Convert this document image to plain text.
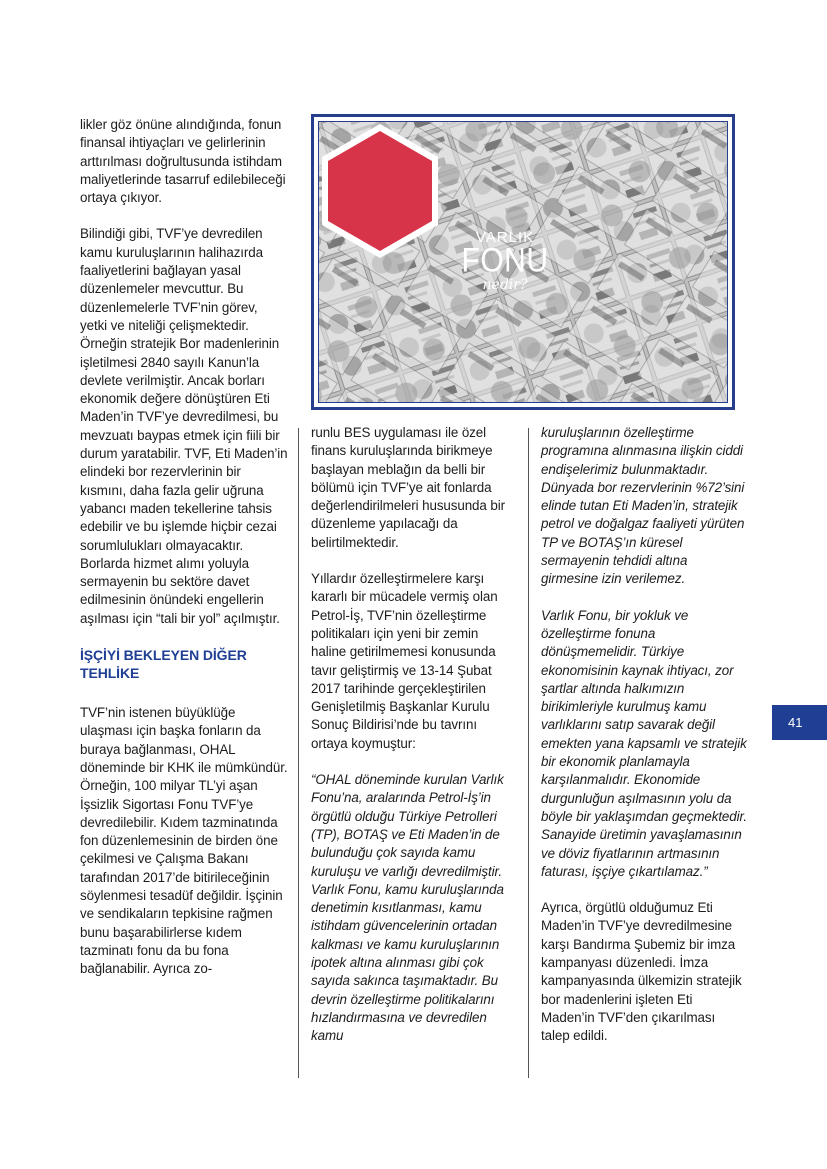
likler göz önüne alındığında, fonun finansal ihtiyaçları ve gelirlerinin arttırılması doğrultusunda istihdam maliyetlerinde tasarruf edilebileceği ortaya çıkıyor.

Bilindiği gibi, TVF’ye devredilen kamu kuruluşlarının halihazırda faaliyetlerini bağlayan yasal düzenlemeler mevcuttur. Bu düzenlemelerle TVF’nin görev, yetki ve niteliği çelişmektedir. Örneğin stratejik Bor madenlerinin işletilmesi 2840 sayılı Kanun’la devlete verilmiştir. Ancak borları ekonomik değere dönüştüren Eti Maden’in TVF’ye devredilmesi, bu mevzuatı baypas etmek için fiili bir durum yaratabilir. TVF, Eti Maden’in elindeki bor rezervlerinin bir kısmını, daha fazla gelir uğruna yabancı maden tekellerine tahsis edebilir ve bu işlemde hiçbir cezai sorumlulukları olmayacaktır. Borlarda hizmet alımı yoluyla sermayenin bu sektöre davet edilmesinin önündeki engellerin aşılması için “tali bir yol” açılmıştır.

İŞÇİYİ BEKLEYEN DİĞER TEHLİKE

TVF’nin istenen büyüklüğe ulaşması için başka fonların da buraya bağlanması, OHAL döneminde bir KHK ile mümkündür. Örneğin, 100 milyar TL’yi aşan İşsizlik Sigortası Fonu TVF’ye devredilebilir. Kıdem tazminatında fon düzenlemesinin de birden öne çekilmesi ve Çalışma Bakanı tarafından 2017’de bitirileceğinin söylenmesi tesadüf değildir. İşçinin ve sendikaların tepkisine rağmen bunu başarabilirlerse kıdem tazminatı fonu da bu fona bağlanabilir. Ayrıca zo-

VARLIK
FONU
nedir?

runlu BES uygulaması ile özel finans kuruluşlarında birikmeye başlayan meblağın da belli bir bölümü için TVF’ye ait fonlarda değerlendirilmeleri hususunda bir düzenleme yapılacağı da belirtilmektedir.

Yıllardır özelleştirmelere karşı kararlı bir mücadele vermiş olan Petrol-İş, TVF’nin özelleştirme politikaları için yeni bir zemin haline getirilmemesi konusunda tavır geliştirmiş ve 13-14 Şubat 2017 tarihinde gerçekleştirilen Genişletilmiş Başkanlar Kurulu Sonuç Bildirisi’nde bu tavrını ortaya koymuştur:

“OHAL döneminde kurulan Varlık Fonu’na, aralarında Petrol-İş’in örgütlü olduğu Türkiye Petrolleri (TP), BOTAŞ ve Eti Maden’in de bulunduğu çok sayıda kamu kuruluşu ve varlığı devredilmiştir. Varlık Fonu, kamu kuruluşlarında denetimin kısıtlanması, kamu istihdam güvencelerinin ortadan kalkması ve kamu kuruluşlarının ipotek altına alınması gibi çok sayıda sakınca taşımaktadır. Bu devrin özelleştirme politikalarını hızlandırmasına ve devredilen kamu

kuruluşlarının özelleştirme programına alınmasına ilişkin ciddi endişelerimiz bulunmaktadır. Dünyada bor rezervlerinin %72’sini elinde tutan Eti Maden’in, stratejik petrol ve doğalgaz faaliyeti yürüten TP ve BOTAŞ’ın küresel sermayenin tehdidi altına girmesine izin verilemez.

Varlık Fonu, bir yokluk ve özelleştirme fonuna dönüşmemelidir. Türkiye ekonomisinin kaynak ihtiyacı, zor şartlar altında halkımızın birikimleriyle kurulmuş kamu varlıklarını satıp savarak değil emekten yana kapsamlı ve stratejik bir ekonomik planlamayla karşılanmalıdır. Ekonomide durgunluğun aşılmasının yolu da böyle bir yaklaşımdan geçmektedir. Sanayide üretimin yavaşlamasının ve döviz fiyatlarının artmasının faturası, işçiye çıkartılamaz.”

Ayrıca, örgütlü olduğumuz Eti Maden’in TVF’ye devredilmesine karşı Bandırma Şubemiz bir imza kampanyası düzenledi. İmza kampanyasında ülkemizin stratejik bor madenlerini işleten Eti Maden’in TVF’den çıkarılması talep edildi.

41
